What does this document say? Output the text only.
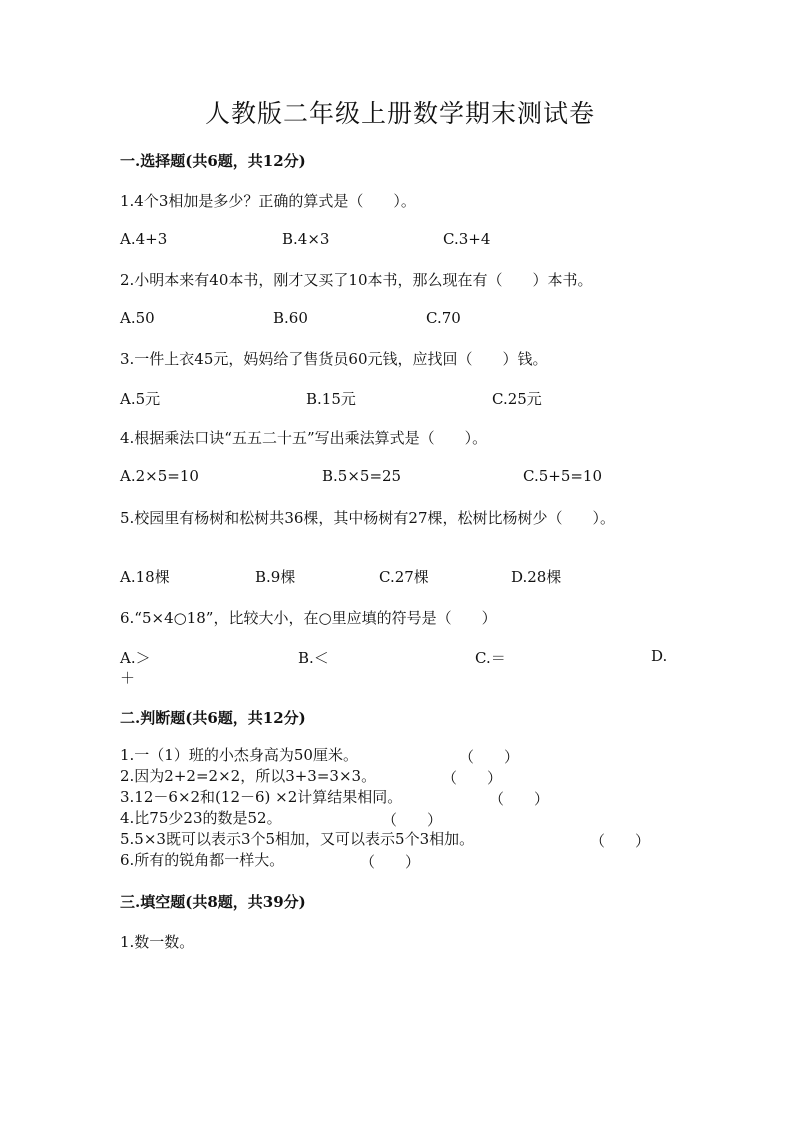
人教版二年级上册数学期末测试卷
一.选择题(共6题，共12分)
1.4个3相加是多少？正确的算式是（　　）。
A.4+3	B.4×3	C.3+4
2.小明本来有40本书，刚才又买了10本书，那么现在有（　　）本书。
A.50	B.60	C.70
3.一件上衣45元，妈妈给了售货员60元钱，应找回（　　）钱。
A.5元	B.15元	C.25元
4.根据乘法口诀“五五二十五”写出乘法算式是（　　）。
A.2×5=10	B.5×5=25	C.5+5=10
5.校园里有杨树和松树共36棵，其中杨树有27棵，松树比杨树少（　　）。
A.18棵	B.9棵	C.27棵	D.28棵
6.“5×4○18”，比较大小，在○里应填的符号是（　　）
A.＞	B.＜	C.＝	D.
＋
二.判断题(共6题，共12分)
1.一（1）班的小杰身高为50厘米。	（　　）
2.因为2+2=2×2，所以3+3=3×3。	（　　）
3.12－6×2和(12－6) ×2计算结果相同。	（　　）
4.比75少23的数是52。	（　　）
5.5×3既可以表示3个5相加，又可以表示5个3相加。	（　　）
6.所有的锐角都一样大。	（　　）
三.填空题(共8题，共39分)
1.数一数。
